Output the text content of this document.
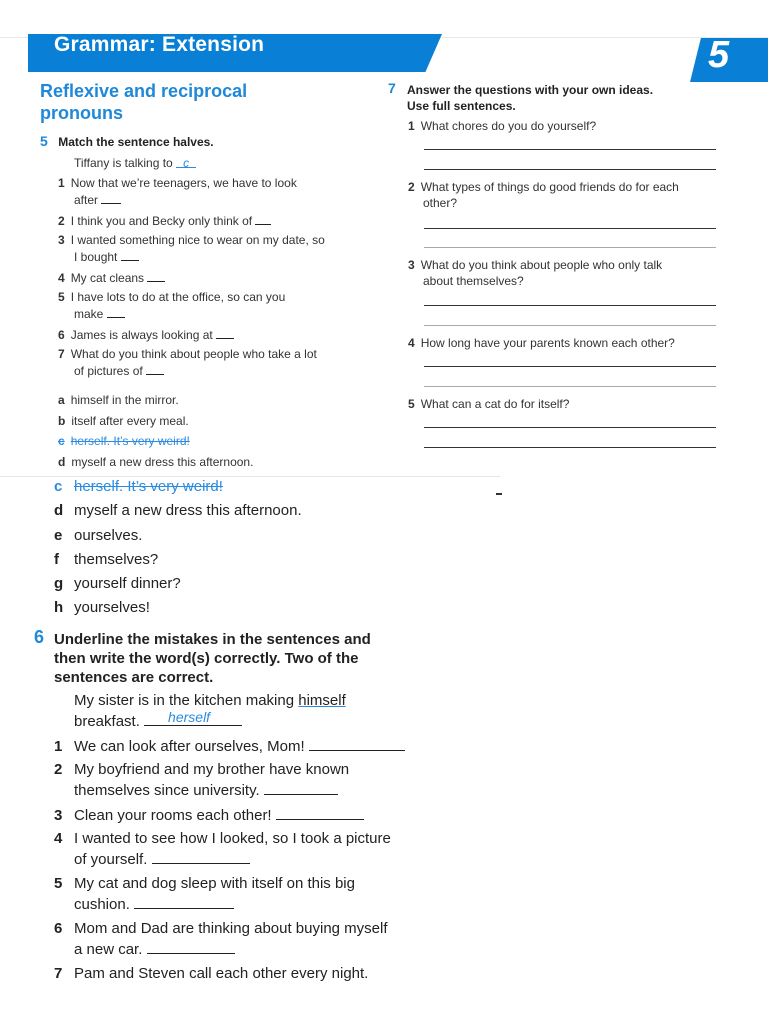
Grammar: Extension	5
Reflexive and reciprocal
pronouns
5 Match the sentence halves.
Tiffany is talking to c
1 Now that we’re teenagers, we have to look
after
2 I think you and Becky only think of
3 I wanted something nice to wear on my date, so
I bought
4 My cat cleans
5 I have lots to do at the office, so can you
make
6 James is always looking at
7 What do you think about people who take a lot
of pictures of
a himself in the mirror.
b itself after every meal.
c herself. It’s very weird!
d myself a new dress this afternoon.
c herself. It’s very weird!
d myself a new dress this afternoon.
e ourselves.
f themselves?
g yourself dinner?
h yourselves!
7 Answer the questions with your own ideas.
Use full sentences.
1 What chores do you do yourself?
2 What types of things do good friends do for each
other?
3 What do you think about people who only talk
about themselves?
4 How long have your parents known each other?
5 What can a cat do for itself?
6 Underline the mistakes in the sentences and
then write the word(s) correctly. Two of the
sentences are correct.
My sister is in the kitchen making himself
breakfast. herself
1 We can look after ourselves, Mom!
2 My boyfriend and my brother have known
themselves since university.
3 Clean your rooms each other!
4 I wanted to see how I looked, so I took a picture
of yourself.
5 My cat and dog sleep with itself on this big
cushion.
6 Mom and Dad are thinking about buying myself
a new car.
7 Pam and Steven call each other every night.
